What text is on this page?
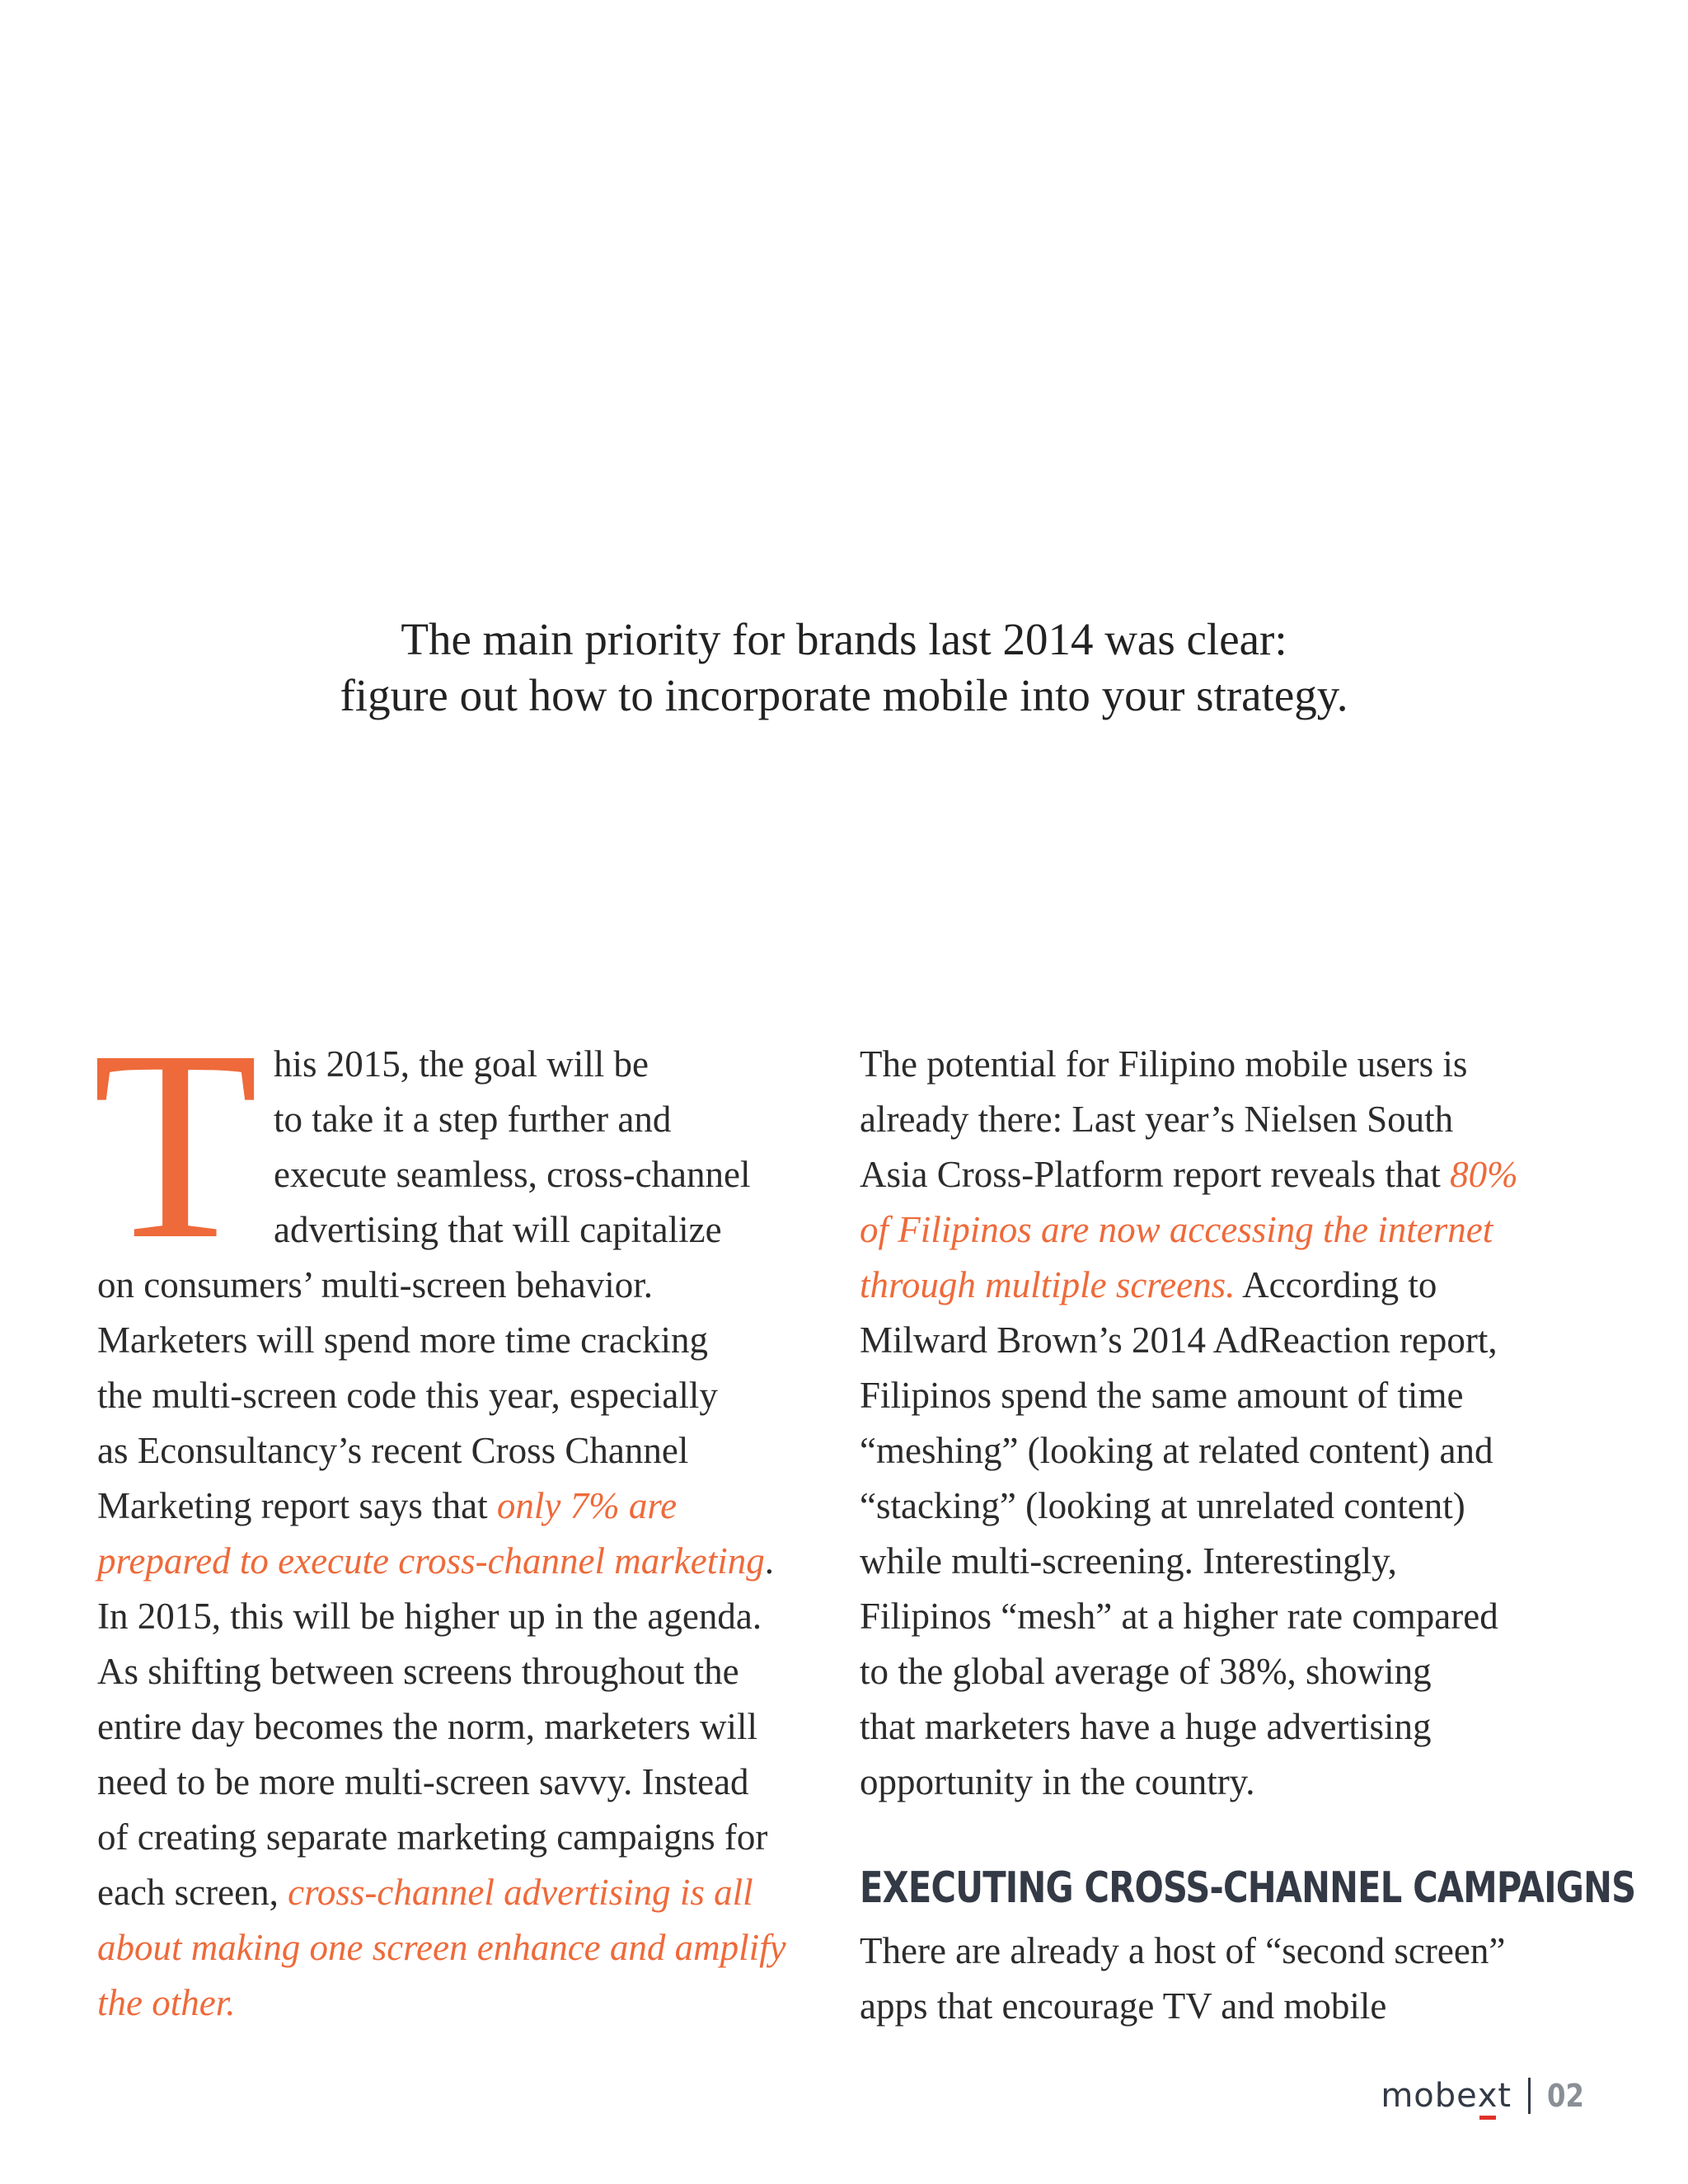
The main priority for brands last 2014 was clear:

figure out how to incorporate mobile into your strategy.

T his 2015, the goal will be
to take it a step further and
execute seamless, cross-channel
advertising that will capitalize
on consumers’ multi-screen behavior.
Marketers will spend more time cracking
the multi-screen code this year, especially
as Econsultancy’s recent Cross Channel
Marketing report says that only 7% are
prepared to execute cross-channel marketing.
In 2015, this will be higher up in the agenda.
As shifting between screens throughout the
entire day becomes the norm, marketers will
need to be more multi-screen savvy. Instead
of creating separate marketing campaigns for
each screen, cross-channel advertising is all
about making one screen enhance and amplify
the other.
The potential for Filipino mobile users is
already there: Last year’s Nielsen South
Asia Cross-Platform report reveals that 80%
of Filipinos are now accessing the internet
through multiple screens. According to
Milward Brown’s 2014 AdReaction report,
Filipinos spend the same amount of time
“meshing” (looking at related content) and
“stacking” (looking at unrelated content)
while multi-screening. Interestingly,
Filipinos “mesh” at a higher rate compared
to the global average of 38%, showing
that marketers have a huge advertising
opportunity in the country.
EXECUTING CROSS-CHANNEL CAMPAIGNS
There are already a host of “second screen”
apps that encourage TV and mobile
mobext 02
